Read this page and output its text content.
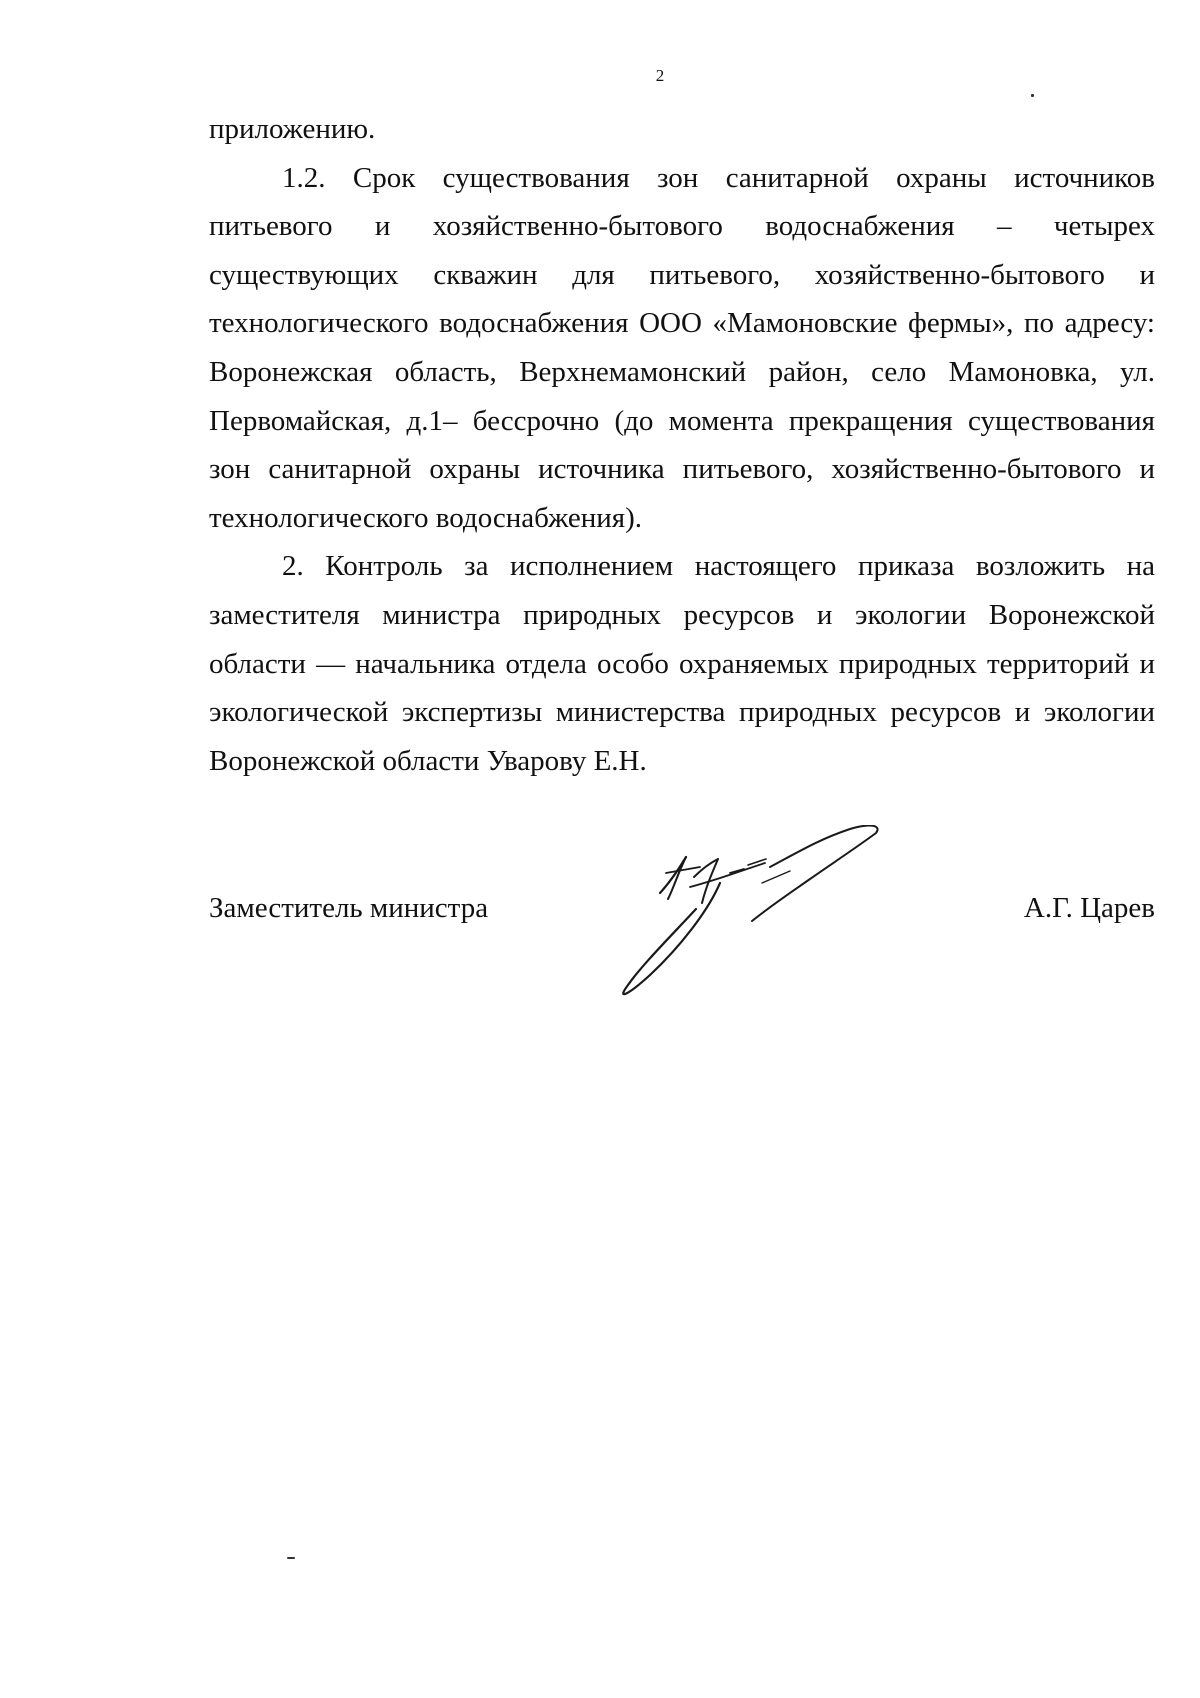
2

приложению.

1.2. Срок существования зон санитарной охраны источников питьевого и хозяйственно-бытового водоснабжения – четырех существующих скважин для питьевого, хозяйственно-бытового и технологического водоснабжения ООО «Мамоновские фермы», по адресу: Воронежская область, Верхнемамонский район, село Мамоновка, ул. Первомайская, д.1– бессрочно (до момента прекращения существования зон санитарной охраны источника питьевого, хозяйственно-бытового и технологического водоснабжения).

2. Контроль за исполнением настоящего приказа возложить на заместителя министра природных ресурсов и экологии Воронежской области — начальника отдела особо охраняемых природных территорий и экологической экспертизы министерства природных ресурсов и экологии Воронежской области Уварову Е.Н.

Заместитель министра	А.Г. Царев
